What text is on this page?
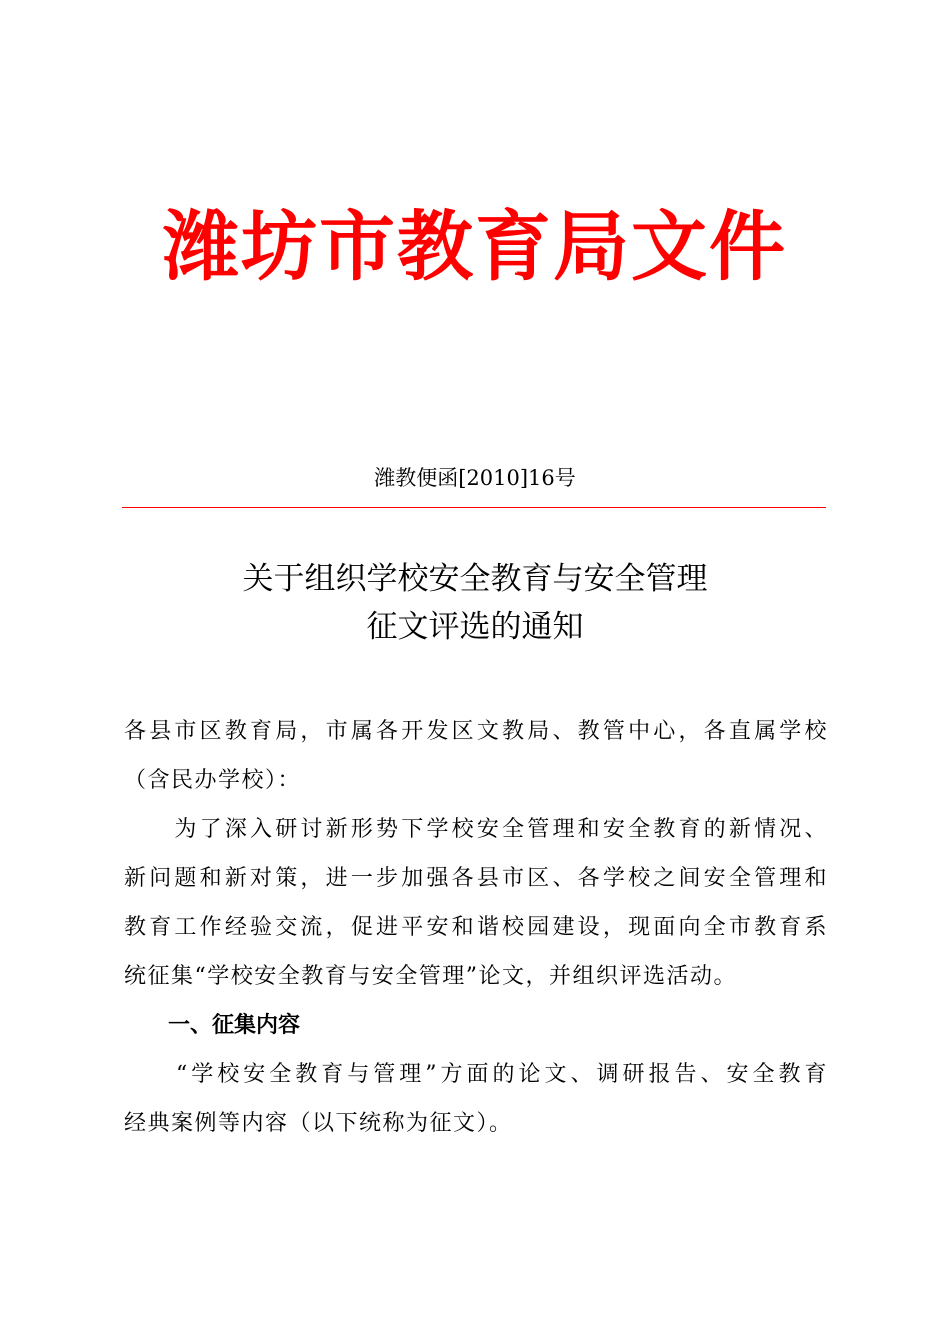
潍坊市教育局文件
潍教便函[2010]16号
关于组织学校安全教育与安全管理
征文评选的通知

各县市区教育局，市属各开发区文教局、教管中心，各直属学校
（含民办学校）：

　　为了深入研讨新形势下学校安全管理和安全教育的新情况、
新问题和新对策，进一步加强各县市区、各学校之间安全管理和
教育工作经验交流，促进平安和谐校园建设，现面向全市教育系
统征集“学校安全教育与安全管理”论文，并组织评选活动。

一、征集内容

　　“学校安全教育与管理”方面的论文、调研报告、安全教育
经典案例等内容（以下统称为征文）。
